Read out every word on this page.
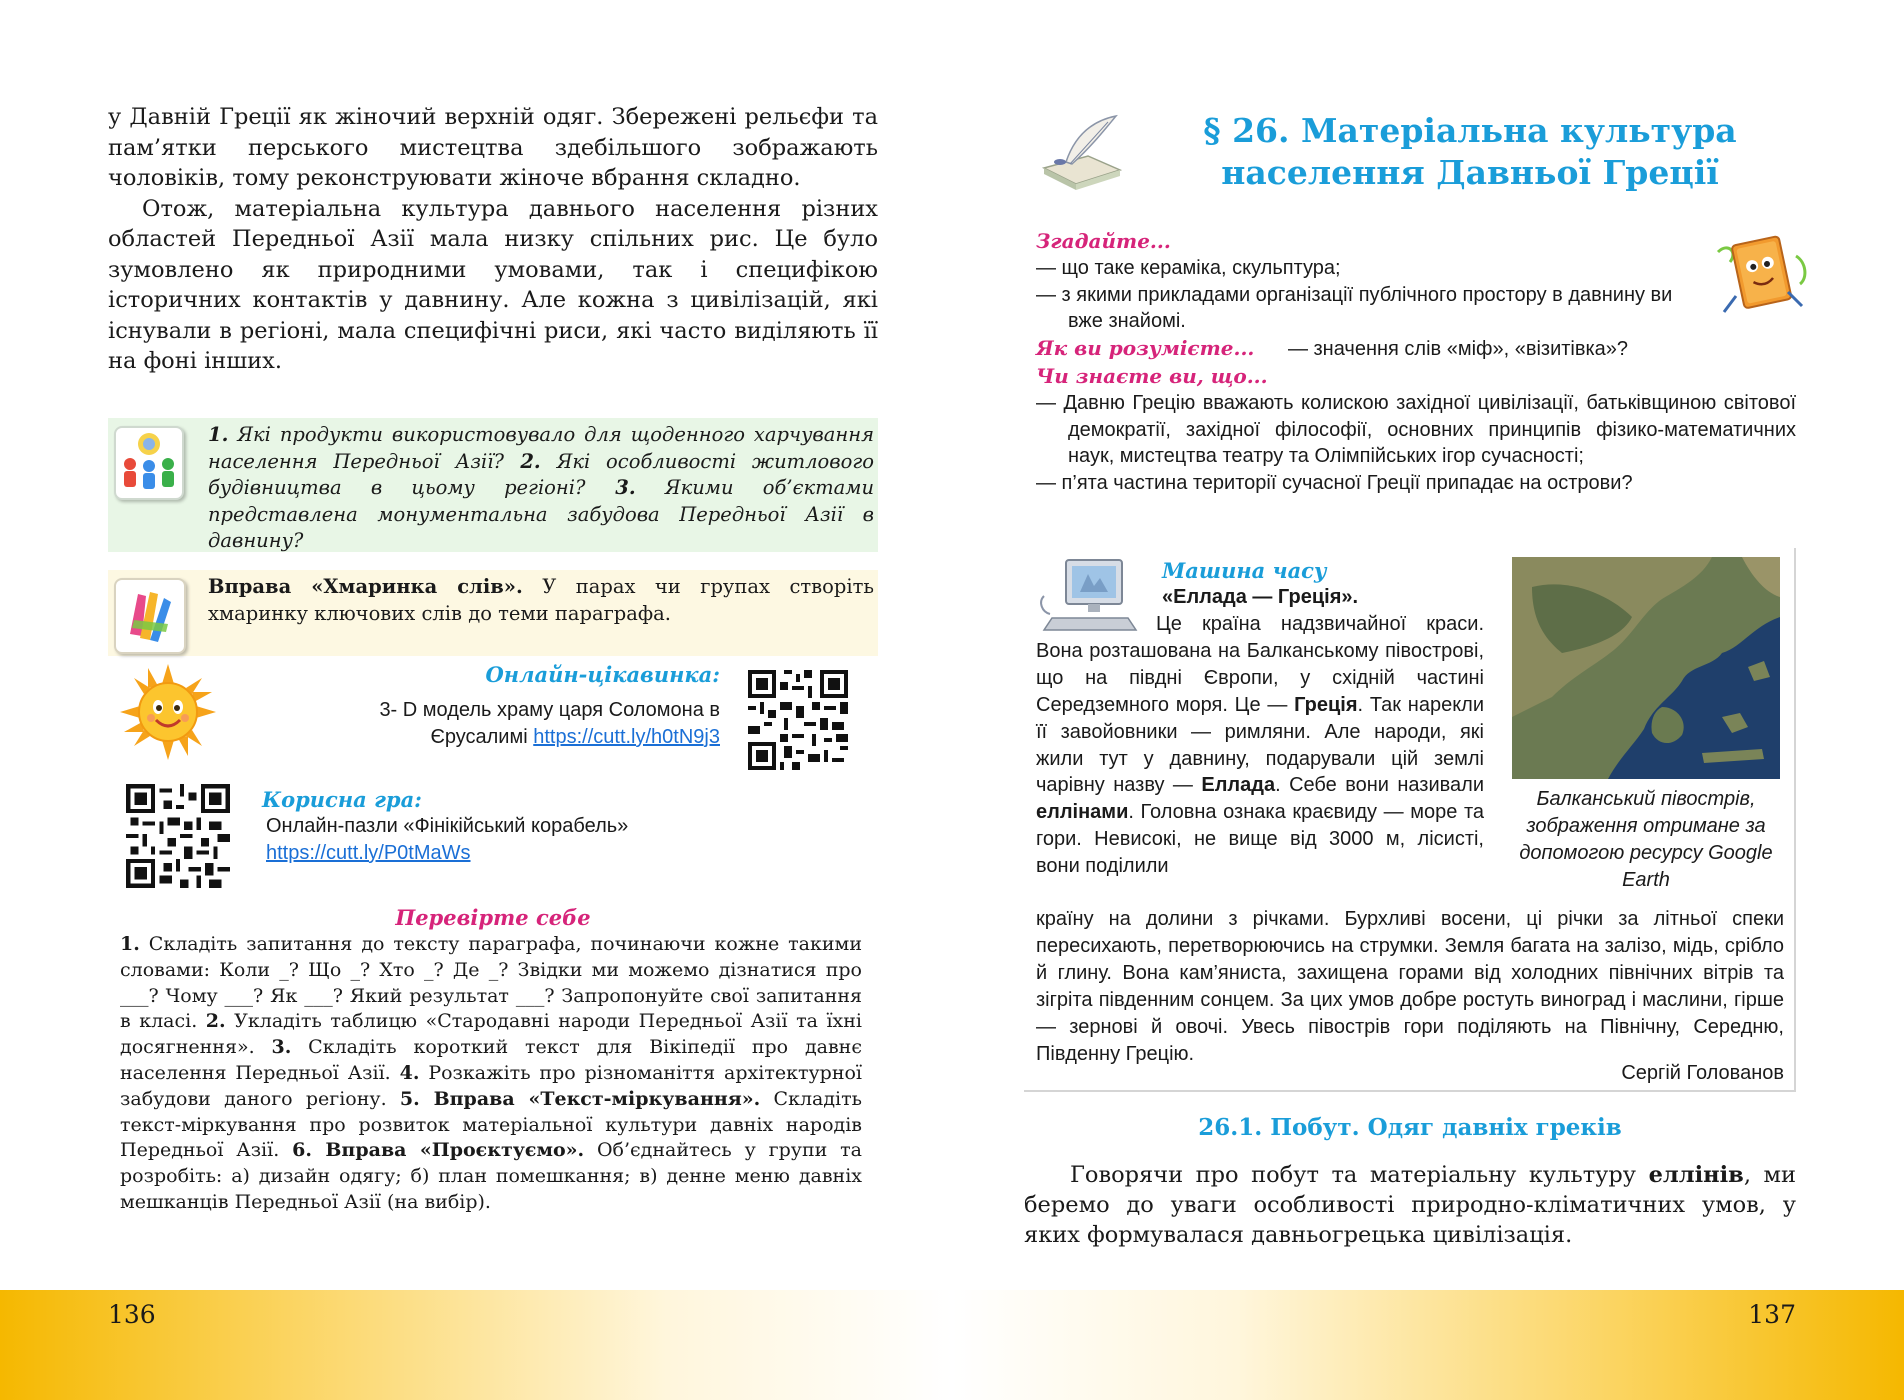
у Давній Греції як жіночий верхній одяг. Збережені рельєфи та пам’ятки перського мистецтва здебільшого зображають чоловіків, тому реконструювати жіноче вбрання складно.

Отож, матеріальна культура давнього населення різних областей Передньої Азії мала низку спільних рис. Це було зумовлено як природними умовами, так і специфікою історичних контактів у давнину. Але кожна з цивілізацій, які існували в регіоні, мала специфічні риси, які часто виділяють її на фоні інших.

1. Які продукти використовувало для щоденного харчування населення Передньої Азії? 2. Які особливості житлового будівництва в цьому регіоні? 3. Якими об’єктами представлена монументальна забудова Передньої Азії в давнину?
Вправа «Хмаринка слів». У парах чи групах створіть хмаринку ключових слів до теми параграфа.
Онлайн-цікавинка:
3- D модель храму царя Соломона в Єрусалимі https://cutt.ly/h0tN9j3
Корисна гра:
Онлайн-пазли «Фінікійський корабель»
https://cutt.ly/P0tMaWs
Перевірте себе
1. Складіть запитання до тексту параграфа, починаючи кожне такими словами: Коли _? Що _? Хто _? Де _? Звідки ми можемо дізнатися про ___? Чому ___? Як ___? Який результат ___? Запропонуйте свої запитання в класі. 2. Укладіть таблицю «Стародавні народи Передньої Азії та їхні досягнення». 3. Складіть короткий текст для Вікіпедії про давнє населення Передньої Азії. 4. Розкажіть про різноманіття архітектурної забудови даного регіону. 5. Вправа «Текст-міркування». Складіть текст-міркування про розвиток матеріальної культури давніх народів Передньої Азії. 6. Вправа «Проєктуємо». Об’єднайтесь у групи та розробіть: а) дизайн одягу; б) план помешкання; в) денне меню давніх мешканців Передньої Азії (на вибір).
136
§ 26. Матеріальна культура
населення Давньої Греції
Згадайте...
— що таке кераміка, скульптура;
— з якими прикладами організації публічного простору в давнину ви вже знайомі.
Як ви розумієте... — значення слів «міф», «візитівка»?
Чи знаєте ви, що...
— Давню Грецію вважають колискою західної цивілізації, батьківщиною світової демократії, західної філософії, основних принципів фізико-математичних наук, мистецтва театру та Олімпійських ігор сучасності;
— п’ята частина території сучасної Греції припадає на острови?
Машина часу
«Еллада — Греція».
Балканський півострів, зображення отримане за допомогою ресурсу Google Earth
Це країна надзвичайної краси. Вона розташована на Балканському півострові, що на півдні Європи, у східній частині Середземного моря. Це — Греція. Так нарекли її завойовники — римляни. Але народи, які жили тут у давнину, подарували цій землі чарівну назву — Еллада. Себе вони називали еллінами. Головна ознака краєвиду — море та гори. Невисокі, не вище від 3000 м, лісисті, вони поділили
країну на долини з річками. Бурхливі восени, ці річки за літньої спеки пересихають, перетворюючись на струмки. Земля багата на залізо, мідь, срібло й глину. Вона кам’яниста, захищена горами від холодних північних вітрів та зігріта південним сонцем. За цих умов добре ростуть виноград і маслини, гірше — зернові й овочі. Увесь півострів гори поділяють на Північну, Середню, Південну Грецію.
Сергій Голованов
26.1. Побут. Одяг давніх греків
Говорячи про побут та матеріальну культуру еллінів, ми беремо до уваги особливості природно-кліматичних умов, у яких формувалася давньогрецька цивілізація.
137
